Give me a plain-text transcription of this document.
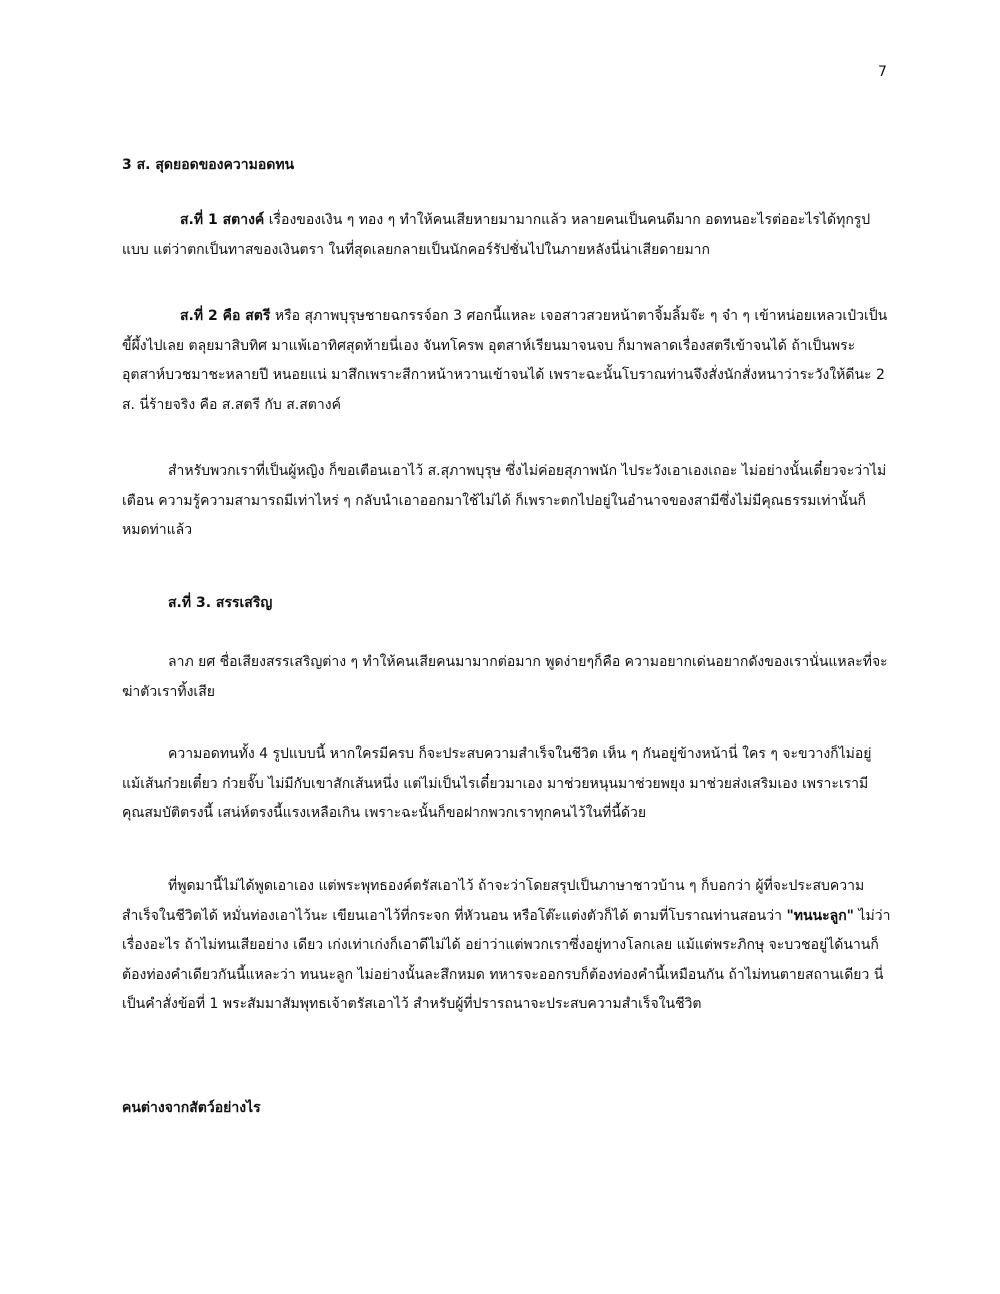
7
3 ส. สุดยอดของความอดทน

ส.ที่ 1 สตางค์ เรื่องของเงิน ๆ ทอง ๆ ทำให้คนเสียหายมามากแล้ว หลายคนเป็นคนดีมาก อดทนอะไรต่ออะไรได้ทุกรูปแบบ แต่ว่าตกเป็นทาสของเงินตรา ในที่สุดเลยกลายเป็นนักคอร์รัปชั่นไปในภายหลังนี่น่าเสียดายมาก

ส.ที่ 2 คือ สตรี หรือ สุภาพบุรุษชายฉกรรจ์อก 3 ศอกนี้แหละ เจอสาวสวยหน้าตาจิ้มลิ้มจ๊ะ ๆ จ๋า ๆ เข้าหน่อยเหลวเป๋วเป็นขี้ผึ้งไปเลย ตลุยมาสิบทิศ มาแพ้เอาทิศสุดท้ายนี่เอง จันทโครพ อุตสาห์เรียนมาจนจบ ก็มาพลาดเรื่องสตรีเข้าจนได้ ถ้าเป็นพระ อุตสาห์บวชมาชะหลายปี หนอยแน่ มาสึกเพราะสีกาหน้าหวานเข้าจนได้ เพราะฉะนั้นโบราณท่านจึงสั่งนักสั่งหนาว่าระวังให้ดีนะ 2 ส. นี่ร้ายจริง คือ ส.สตรี กับ ส.สตางค์

สำหรับพวกเราที่เป็นผู้หญิง ก็ขอเตือนเอาไว้ ส.สุภาพบุรุษ ซึ่งไม่ค่อยสุภาพนัก ไประวังเอาเองเถอะ ไม่อย่างนั้นเดี๋ยวจะว่าไม่เตือน ความรู้ความสามารถมีเท่าไหร่ ๆ กลับนำเอาออกมาใช้ไม่ได้ ก็เพราะตกไปอยู่ในอำนาจของสามีซึ่งไม่มีคุณธรรมเท่านั้นก็หมดท่าแล้ว

ส.ที่ 3. สรรเสริญ

ลาภ ยศ ชื่อเสียงสรรเสริญต่าง ๆ ทำให้คนเสียคนมามากต่อมาก พูดง่ายๆก็คือ ความอยากเด่นอยากดังของเรานั่นแหละที่จะฆ่าตัวเราทิ้งเสีย

ความอดทนทั้ง 4 รูปแบบนี้ หากใครมีครบ ก็จะประสบความสำเร็จในชีวิต เห็น ๆ กันอยู่ข้างหน้านี่ ใคร ๆ จะขวางก็ไม่อยู่ แม้เส้นก๋วยเตี๋ยว ก๋วยจั๊บ ไม่มีกับเขาสักเส้นหนึ่ง แต่ไม่เป็นไรเดี๋ยวมาเอง มาช่วยหนุนมาช่วยพยุง มาช่วยส่งเสริมเอง เพราะเรามีคุณสมบัติตรงนี้ เสน่ห์ตรงนี้แรงเหลือเกิน เพราะฉะนั้นก็ขอฝากพวกเราทุกคนไว้ในที่นี้ด้วย

ที่พูดมานี้ไม่ได้พูดเอาเอง แต่พระพุทธองค์ตรัสเอาไว้ ถ้าจะว่าโดยสรุปเป็นภาษาชาวบ้าน ๆ ก็บอกว่า ผู้ที่จะประสบความสำเร็จในชีวิตได้ หมั่นท่องเอาไว้นะ เขียนเอาไว้ที่กระจก ที่หัวนอน หรือโต๊ะแต่งตัวก็ได้ ตามที่โบราณท่านสอนว่า "ทนนะลูก" ไม่ว่าเรื่องอะไร ถ้าไม่ทนเสียอย่าง เดียว เก่งเท่าเก่งก็เอาดีไม่ได้ อย่าว่าแต่พวกเราซึ่งอยู่ทางโลกเลย แม้แต่พระภิกษุ จะบวชอยู่ได้นานก็ต้องท่องคำเดียวกันนี้แหละว่า ทนนะลูก ไม่อย่างนั้นละสึกหมด ทหารจะออกรบก็ต้องท่องคำนี้เหมือนกัน ถ้าไม่ทนตายสถานเดียว นี่เป็นคำสั่งข้อที่ 1 พระสัมมาสัมพุทธเจ้าตรัสเอาไว้ สำหรับผู้ที่ปรารถนาจะประสบความสำเร็จในชีวิต

คนต่างจากสัตว์อย่างไร
